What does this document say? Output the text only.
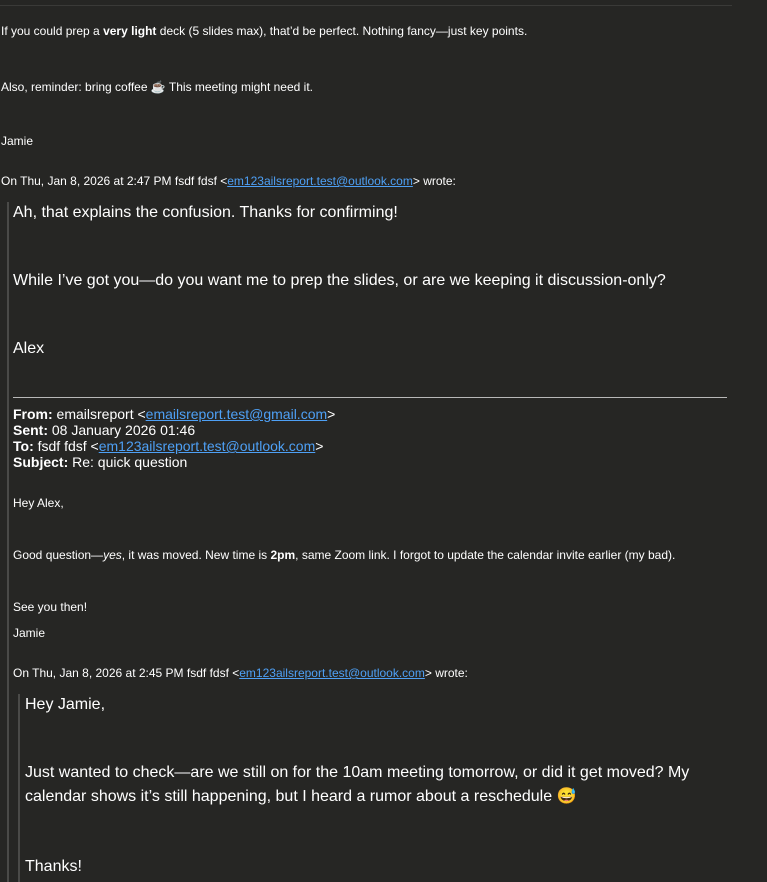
If you could prep a very light deck (5 slides max), that’d be perfect. Nothing fancy—just key points.
Also, reminder: bring coffee ☕ This meeting might need it.
Jamie
On Thu, Jan 8, 2026 at 2:47 PM fsdf fdsf <em123ailsreport.test@outlook.com> wrote:
Ah, that explains the confusion. Thanks for confirming!
While I’ve got you—do you want me to prep the slides, or are we keeping it discussion-only?
Alex
From: emailsreport <emailsreport.test@gmail.com>
Sent: 08 January 2026 01:46
To: fsdf fdsf <em123ailsreport.test@outlook.com>
Subject: Re: quick question
Hey Alex,
Good question—yes, it was moved. New time is 2pm, same Zoom link. I forgot to update the calendar invite earlier (my bad).
See you then!
Jamie
On Thu, Jan 8, 2026 at 2:45 PM fsdf fdsf <em123ailsreport.test@outlook.com> wrote:
Hey Jamie,
Just wanted to check—are we still on for the 10am meeting tomorrow, or did it get moved? My calendar shows it’s still happening, but I heard a rumor about a reschedule 😅
Thanks!
